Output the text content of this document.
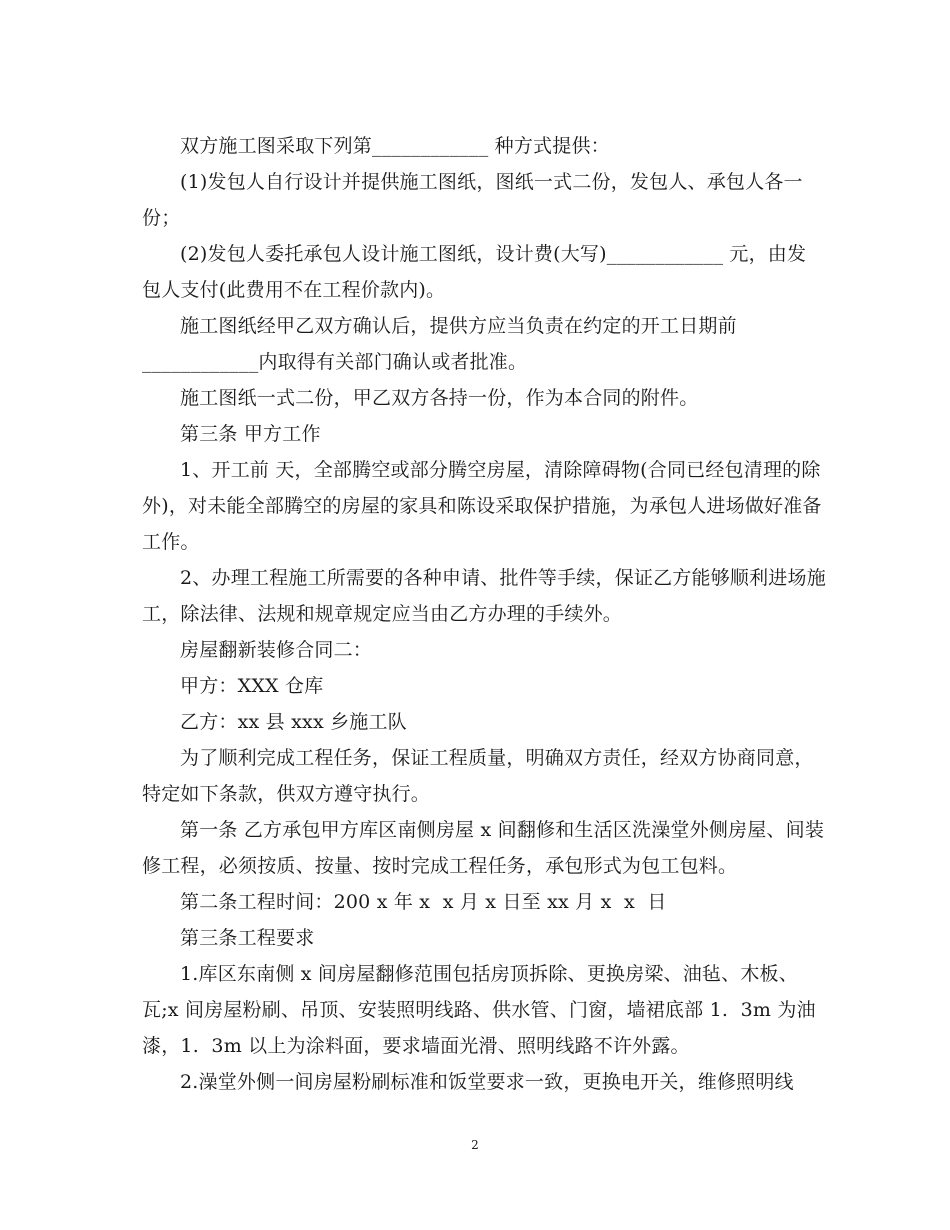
双方施工图采取下列第____________ 种方式提供：
(1)发包人自行设计并提供施工图纸，图纸一式二份，发包人、承包人各一
份；
(2)发包人委托承包人设计施工图纸，设计费(大写)____________ 元，由发
包人支付(此费用不在工程价款内)。
施工图纸经甲乙双方确认后，提供方应当负责在约定的开工日期前
____________内取得有关部门确认或者批准。
施工图纸一式二份，甲乙双方各持一份，作为本合同的附件。
第三条 甲方工作
1、开工前 天，全部腾空或部分腾空房屋，清除障碍物(合同已经包清理的除
外)，对未能全部腾空的房屋的家具和陈设采取保护措施，为承包人进场做好准备
工作。
2、办理工程施工所需要的各种申请、批件等手续，保证乙方能够顺利进场施
工，除法律、法规和规章规定应当由乙方办理的手续外。
房屋翻新装修合同二：
甲方：XXX 仓库
乙方：xx 县 xxx 乡施工队
为了顺利完成工程任务，保证工程质量，明确双方责任，经双方协商同意，
特定如下条款，供双方遵守执行。
第一条 乙方承包甲方库区南侧房屋 x 间翻修和生活区洗澡堂外侧房屋、间装
修工程，必须按质、按量、按时完成工程任务，承包形式为包工包料。
第二条工程时间：200 x 年 x  x 月 x 日至 xx 月 x  x  日
第三条工程要求
1.库区东南侧 x 间房屋翻修范围包括房顶拆除、更换房梁、油毡、木板、
瓦;x 间房屋粉刷、吊顶、安装照明线路、供水管、门窗，墙裙底部 1.  3m 为油
漆，1.  3m 以上为涂料面，要求墙面光滑、照明线路不许外露。
2.澡堂外侧一间房屋粉刷标准和饭堂要求一致，更换电开关，维修照明线
2
